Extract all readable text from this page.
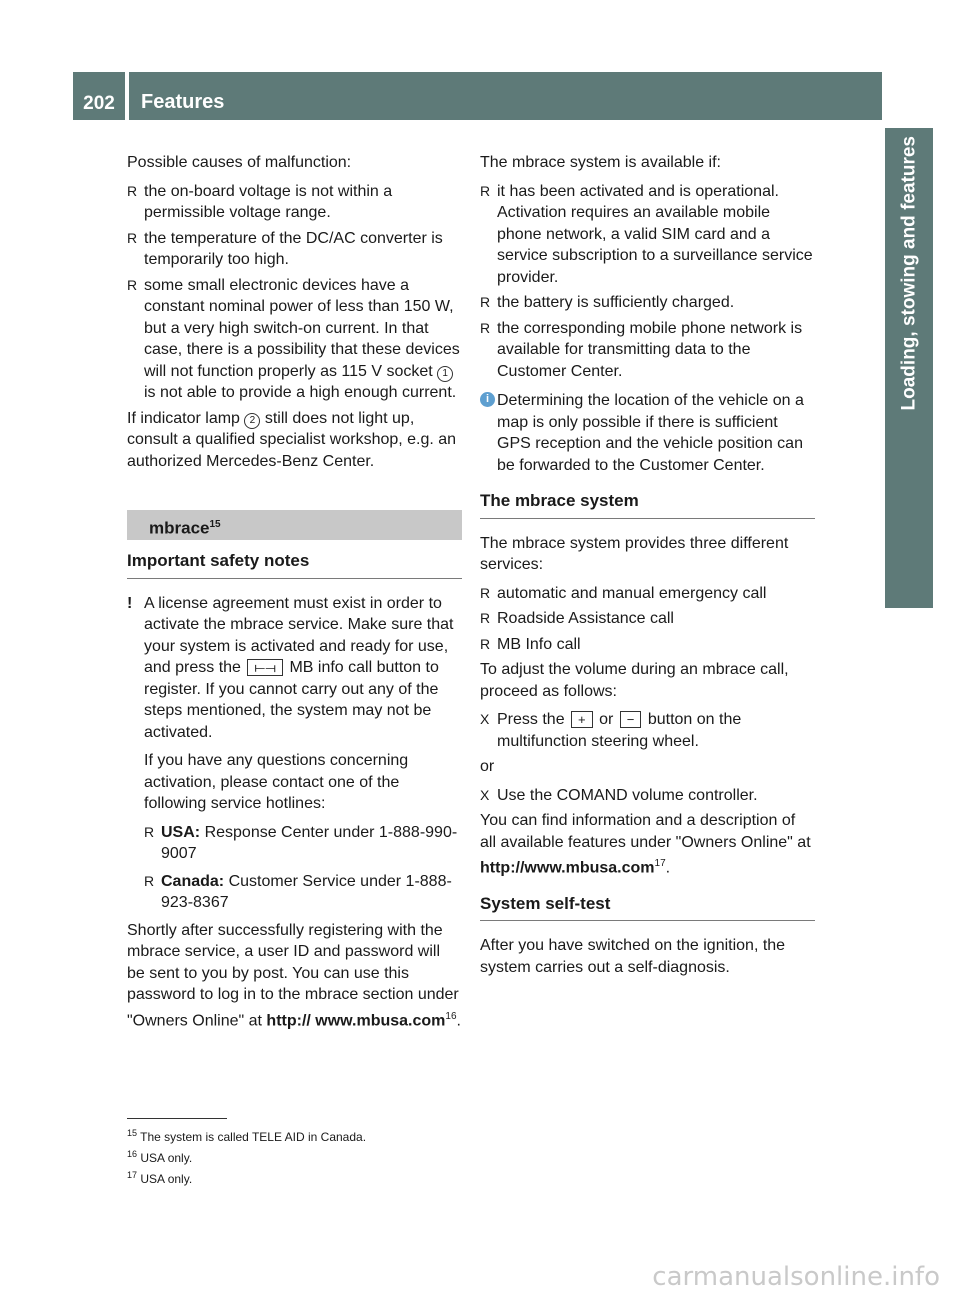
202	Features
Loading, stowing and features

Possible causes of malfunction:

R the on-board voltage is not within a permissible voltage range.
R the temperature of the DC/AC converter is temporarily too high.
R some small electronic devices have a constant nominal power of less than 150 W, but a very high switch-on current. In that case, there is a possibility that these devices will not function properly as 115 V socket 1 is not able to provide a high enough current.

If indicator lamp 2 still does not light up, consult a qualified specialist workshop, e.g. an authorized Mercedes-Benz Center.

mbrace$^{15}$
Important safety notes
! A license agreement must exist in order to activate the mbrace service. Make sure that your system is activated and ready for use, and press the ⟝⟞ MB info call button to register. If you cannot carry out any of the steps mentioned, the system may not be activated.

If you have any questions concerning activation, please contact one of the following service hotlines:

R USA: Response Center under 1-888-990-9007
R Canada: Customer Service under 1-888-923-8367

Shortly after successfully registering with the mbrace service, a user ID and password will be sent to you by post. You can use this password to log in to the mbrace section under "Owners Online" at http:// www.mbusa.com$^{16}$.

The mbrace system is available if:

R it has been activated and is operational. Activation requires an available mobile phone network, a valid SIM card and a service subscription to a surveillance service provider.
R the battery is sufficiently charged.
R the corresponding mobile phone network is available for transmitting data to the Customer Center.
i Determining the location of the vehicle on a map is only possible if there is sufficient GPS reception and the vehicle position can be forwarded to the Customer Center.

The mbrace system

The mbrace system provides three different services:

R automatic and manual emergency call
R Roadside Assistance call
R MB Info call

To adjust the volume during an mbrace call, proceed as follows:

X Press the + or − button on the multifunction steering wheel.

or

X Use the COMAND volume controller.

You can find information and a description of all available features under "Owners Online" at http://www.mbusa.com$^{17}$.

System self-test

After you have switched on the ignition, the system carries out a self-diagnosis.

$^{15}$ The system is called TELE AID in Canada.
$^{16}$ USA only.
$^{17}$ USA only.
carmanualsonline.info
